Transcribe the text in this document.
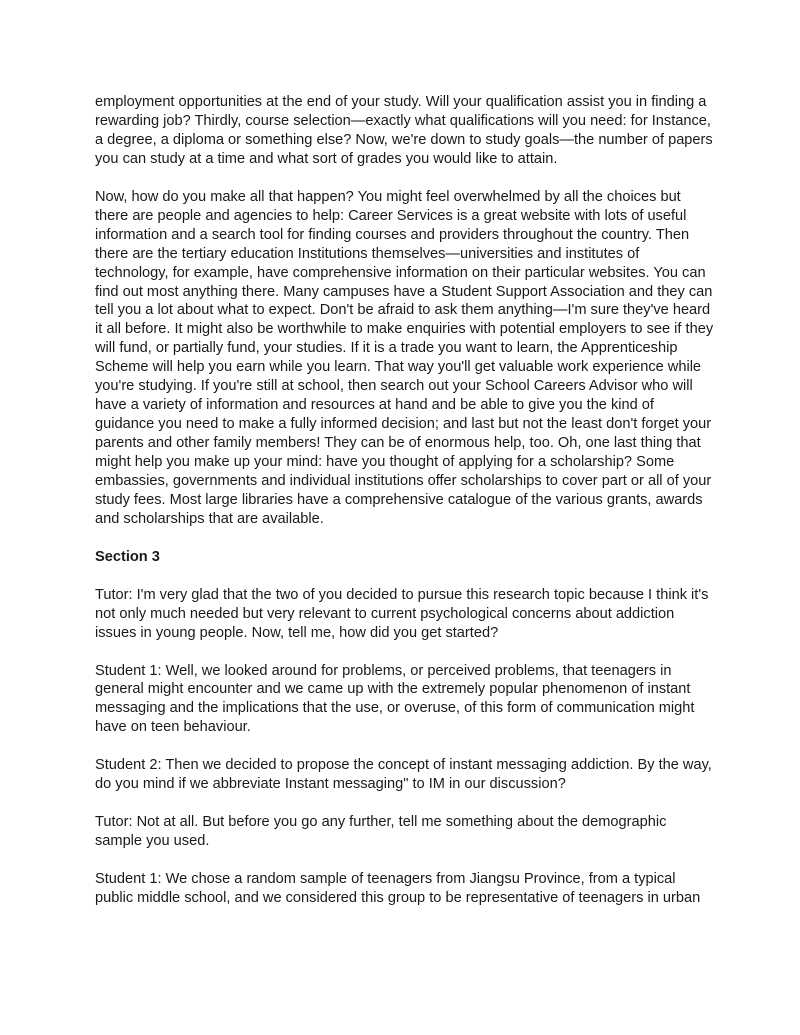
employment opportunities at the end of your study. Will your qualification assist you in finding a
rewarding job? Thirdly, course selection—exactly what qualifications will you need: for Instance,
a degree, a diploma or something else? Now, we're down to study goals—the number of papers
you can study at a time and what sort of grades you would like to attain.

Now, how do you make all that happen? You might feel overwhelmed by all the choices but
there are people and agencies to help: Career Services is a great website with lots of useful
information and a search tool for finding courses and providers throughout the country. Then
there are the tertiary education Institutions themselves—universities and institutes of
technology, for example, have comprehensive information on their particular websites. You can
find out most anything there. Many campuses have a Student Support Association and they can
tell you a lot about what to expect. Don't be afraid to ask them anything—I'm sure they've heard
it all before. It might also be worthwhile to make enquiries with potential employers to see if they
will fund, or partially fund, your studies. If it is a trade you want to learn, the Apprenticeship
Scheme will help you earn while you learn. That way you'll get valuable work experience while
you're studying. If you're still at school, then search out your School Careers Advisor who will
have a variety of information and resources at hand and be able to give you the kind of
guidance you need to make a fully informed decision; and last but not the least don't forget your
parents and other family members! They can be of enormous help, too. Oh, one last thing that
might help you make up your mind: have you thought of applying for a scholarship? Some
embassies, governments and individual institutions offer scholarships to cover part or all of your
study fees. Most large libraries have a comprehensive catalogue of the various grants, awards
and scholarships that are available.

Section 3

Tutor: I'm very glad that the two of you decided to pursue this research topic because I think it's
not only much needed but very relevant to current psychological concerns about addiction
issues in young people. Now, tell me, how did you get started?

Student 1: Well, we looked around for problems, or perceived problems, that teenagers in
general might encounter and we came up with the extremely popular phenomenon of instant
messaging and the implications that the use, or overuse, of this form of communication might
have on teen behaviour.

Student 2: Then we decided to propose the concept of instant messaging addiction. By the way,
do you mind if we abbreviate Instant messaging" to IM in our discussion?

Tutor: Not at all. But before you go any further, tell me something about the demographic
sample you used.

Student 1: We chose a random sample of teenagers from Jiangsu Province, from a typical
public middle school, and we considered this group to be representative of teenagers in urban
